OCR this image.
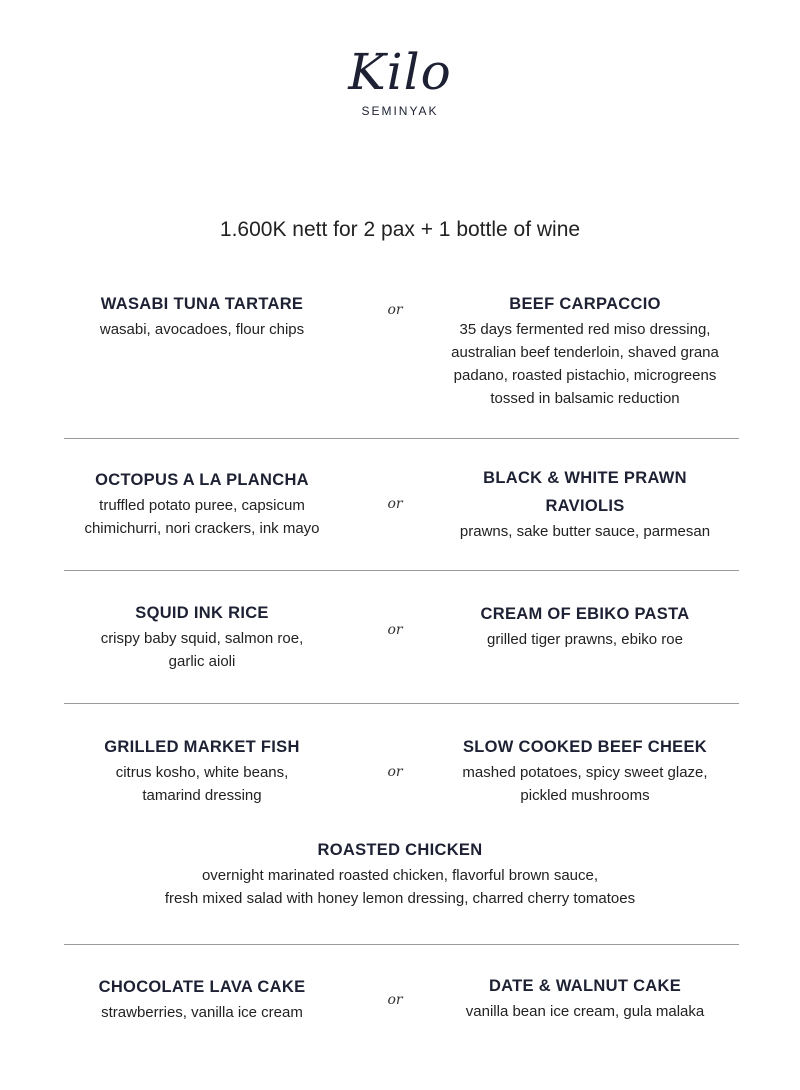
Kilo
SEMINYAK
1.600K nett for 2 pax + 1 bottle of wine
WASABI TUNA TARTARE
wasabi, avocadoes, flour chips
or	BEEF CARPACCIO
35 days fermented red miso dressing,
australian beef tenderloin, shaved grana
padano, roasted pistachio, microgreens
tossed in balsamic reduction
OCTOPUS A LA PLANCHA
truffled potato puree, capsicum
chimichurri, nori crackers, ink mayo
or
BLACK & WHITE PRAWN
RAVIOLIS
prawns, sake butter sauce, parmesan
SQUID INK RICE
crispy baby squid, salmon roe,
garlic aioli
or
CREAM OF EBIKO PASTA
grilled tiger prawns, ebiko roe
GRILLED MARKET FISH
citrus kosho, white beans,
tamarind dressing
or
SLOW COOKED BEEF CHEEK
mashed potatoes, spicy sweet glaze,
pickled mushrooms
ROASTED CHICKEN
overnight marinated roasted chicken, flavorful brown sauce,
fresh mixed salad with honey lemon dressing, charred cherry tomatoes
CHOCOLATE LAVA CAKE
strawberries, vanilla ice cream
or
DATE & WALNUT CAKE
vanilla bean ice cream, gula malaka
